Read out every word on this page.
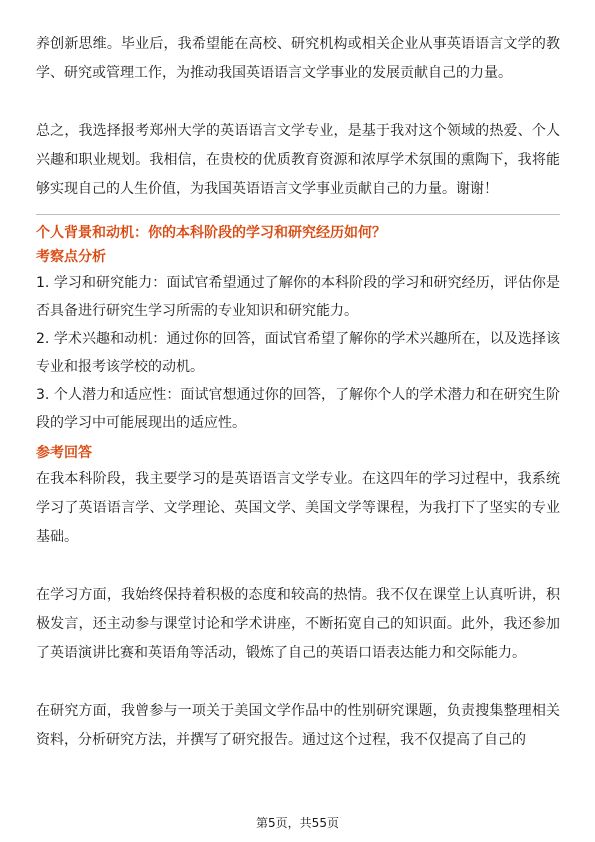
养创新思维。毕业后，我希望能在高校、研究机构或相关企业从事英语语言文学的教学、研究或管理工作，为推动我国英语语言文学事业的发展贡献自己的力量。

总之，我选择报考郑州大学的英语语言文学专业，是基于我对这个领域的热爱、个人兴趣和职业规划。我相信，在贵校的优质教育资源和浓厚学术氛围的熏陶下，我将能够实现自己的人生价值，为我国英语语言文学事业贡献自己的力量。谢谢！

个人背景和动机：你的本科阶段的学习和研究经历如何？

考察点分析

1. 学习和研究能力：面试官希望通过了解你的本科阶段的学习和研究经历，评估你是否具备进行研究生学习所需的专业知识和研究能力。

2. 学术兴趣和动机：通过你的回答，面试官希望了解你的学术兴趣所在，以及选择该专业和报考该学校的动机。

3. 个人潜力和适应性：面试官想通过你的回答，了解你个人的学术潜力和在研究生阶段的学习中可能展现出的适应性。

参考回答

在我本科阶段，我主要学习的是英语语言文学专业。在这四年的学习过程中，我系统学习了英语语言学、文学理论、英国文学、美国文学等课程，为我打下了坚实的专业基础。

在学习方面，我始终保持着积极的态度和较高的热情。我不仅在课堂上认真听讲，积极发言，还主动参与课堂讨论和学术讲座，不断拓宽自己的知识面。此外，我还参加了英语演讲比赛和英语角等活动，锻炼了自己的英语口语表达能力和交际能力。

在研究方面，我曾参与一项关于美国文学作品中的性别研究课题，负责搜集整理相关资料，分析研究方法，并撰写了研究报告。通过这个过程，我不仅提高了自己的

第5页，共55页
